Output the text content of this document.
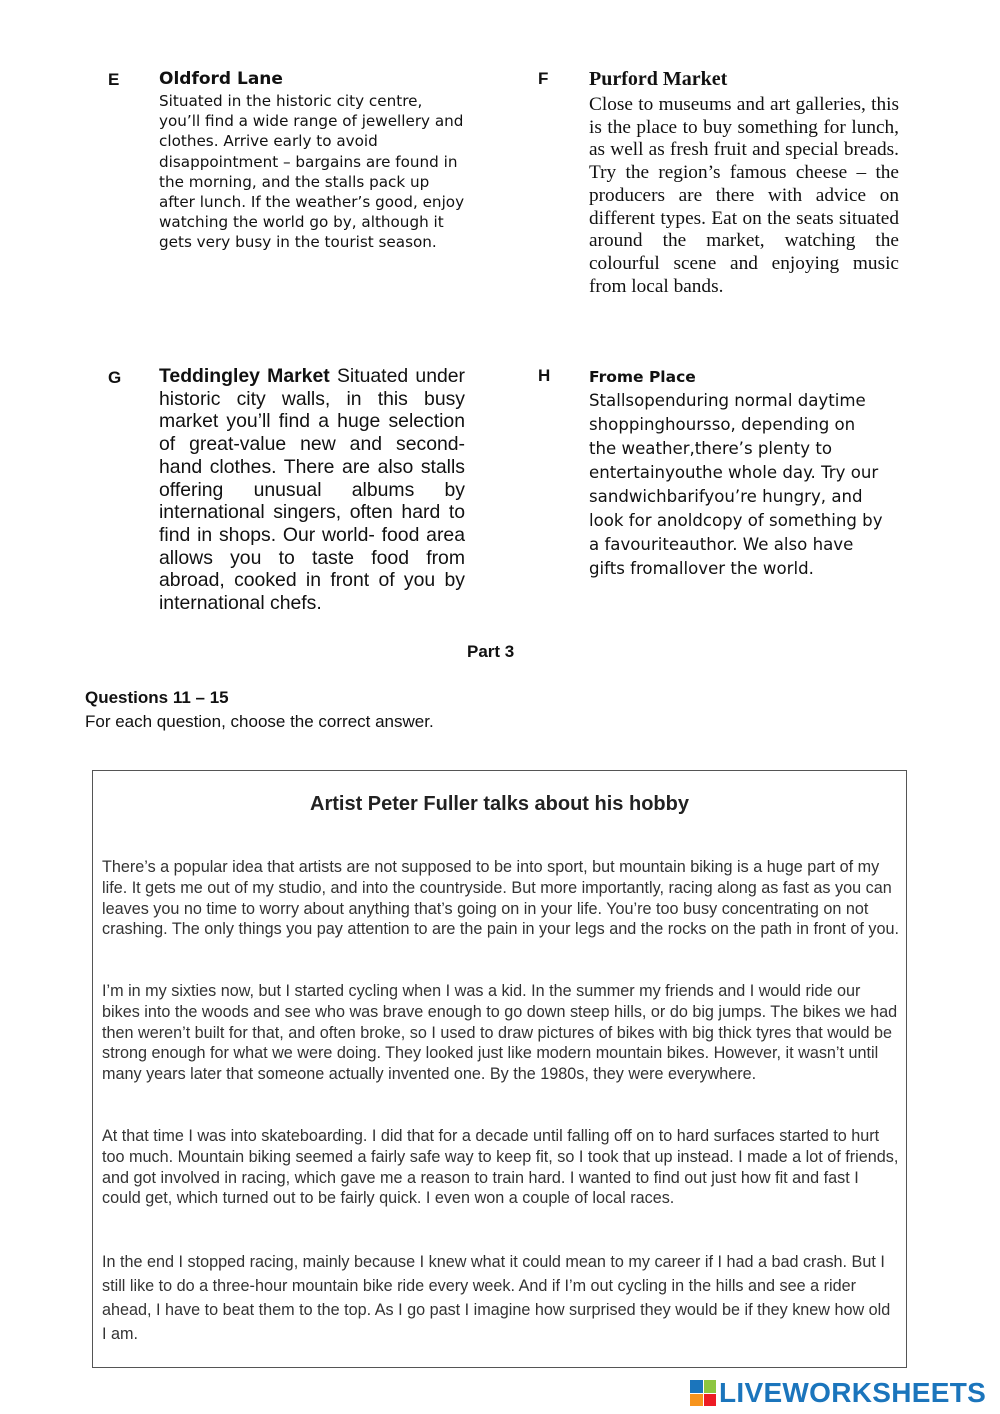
E Oldford Lane
Situated in the historic city centre, you’ll find a wide range of jewellery and clothes. Arrive early to avoid disappointment – bargains are found in the morning, and the stalls pack up after lunch. If the weather’s good, enjoy watching the world go by, although it gets very busy in the tourist season.
F Purford Market
Close to museums and art galleries, this is the place to buy something for lunch, as well as fresh fruit and special breads. Try the region’s famous cheese – the producers are there with advice on different types. Eat on the seats situated around the market, watching the colourful scene and enjoying music from local bands.
G Teddingley Market Situated under historic city walls, in this busy market you’ll find a huge selection of great-value new and second-hand clothes. There are also stalls offering unusual albums by international singers, often hard to find in shops. Our world- food area allows you to taste food from abroad, cooked in front of you by international chefs.
H Frome Place
Stallsopenduring normal daytime
shoppinghoursso, depending on
the weather,there’s plenty to
entertainyouthe whole day. Try our
sandwichbarifyou’re hungry, and
look for anoldcopy of something by
a favouriteauthor. We also have
gifts fromallover the world.
Part 3
Questions 11 – 15
For each question, choose the correct answer.
Artist Peter Fuller talks about his hobby
There’s a popular idea that artists are not supposed to be into sport, but mountain biking is a huge part of my life. It gets me out of my studio, and into the countryside. But more importantly, racing along as fast as you can leaves you no time to worry about anything that’s going on in your life. You’re too busy concentrating on not crashing. The only things you pay attention to are the pain in your legs and the rocks on the path in front of you.
I’m in my sixties now, but I started cycling when I was a kid. In the summer my friends and I would ride our bikes into the woods and see who was brave enough to go down steep hills, or do big jumps. The bikes we had then weren’t built for that, and often broke, so I used to draw pictures of bikes with big thick tyres that would be strong enough for what we were doing. They looked just like modern mountain bikes. However, it wasn’t until many years later that someone actually invented one. By the 1980s, they were everywhere.
At that time I was into skateboarding. I did that for a decade until falling off on to hard surfaces started to hurt too much. Mountain biking seemed a fairly safe way to keep fit, so I took that up instead. I made a lot of friends, and got involved in racing, which gave me a reason to train hard. I wanted to find out just how fit and fast I could get, which turned out to be fairly quick. I even won a couple of local races.
In the end I stopped racing, mainly because I knew what it could mean to my career if I had a bad crash. But I still like to do a three-hour mountain bike ride every week. And if I’m out cycling in the hills and see a rider ahead, I have to beat them to the top. As I go past I imagine how surprised they would be if they knew how old I am.
LIVEWORKSHEETS
